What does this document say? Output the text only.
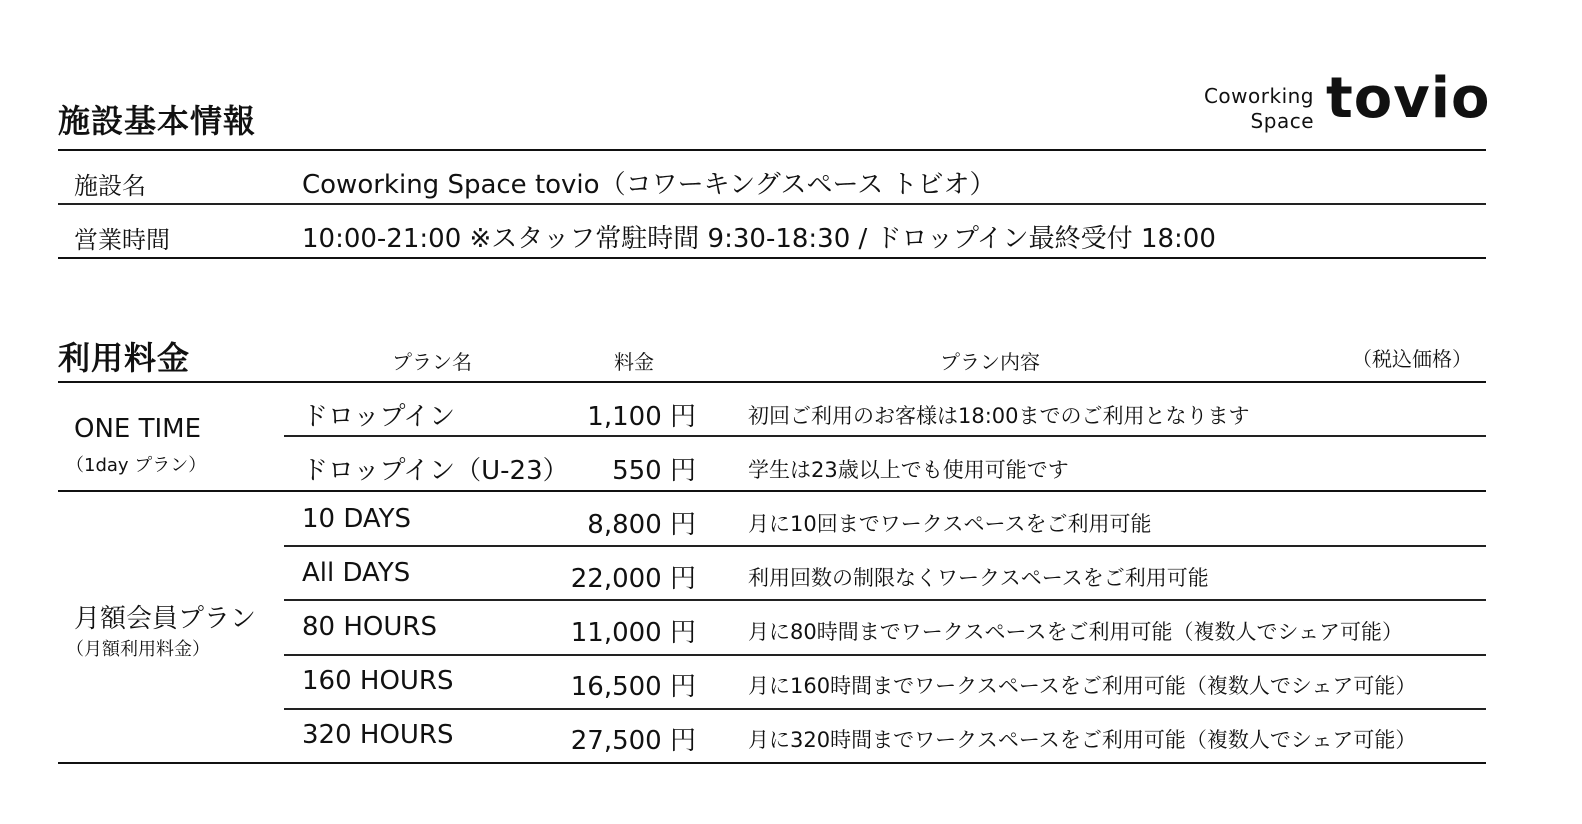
Coworking
Space tovio
施設基本情報
施設名	Coworking Space tovio（コワーキングスペース トビオ）
営業時間	10:00-21:00 ※スタッフ常駐時間 9:30-18:30 / ドロップイン最終受付 18:00
利用料金	プラン名	料金	プラン内容	（税込価格）
ONE TIME
（1day プラン）
ドロップイン	1,100 円 初回ご利用のお客様は18:00までのご利用となります
ドロップイン（U-23）	550 円 学生は23歳以上でも使用可能です
月額会員プラン
（月額利用料金）
10 DAYS	8,800 円 月に10回までワークスペースをご利用可能
All DAYS	22,000 円 利用回数の制限なくワークスペースをご利用可能
80 HOURS	11,000 円 月に80時間までワークスペースをご利用可能（複数人でシェア可能）
160 HOURS	16,500 円 月に160時間までワークスペースをご利用可能（複数人でシェア可能）
320 HOURS	27,500 円 月に320時間までワークスペースをご利用可能（複数人でシェア可能）
